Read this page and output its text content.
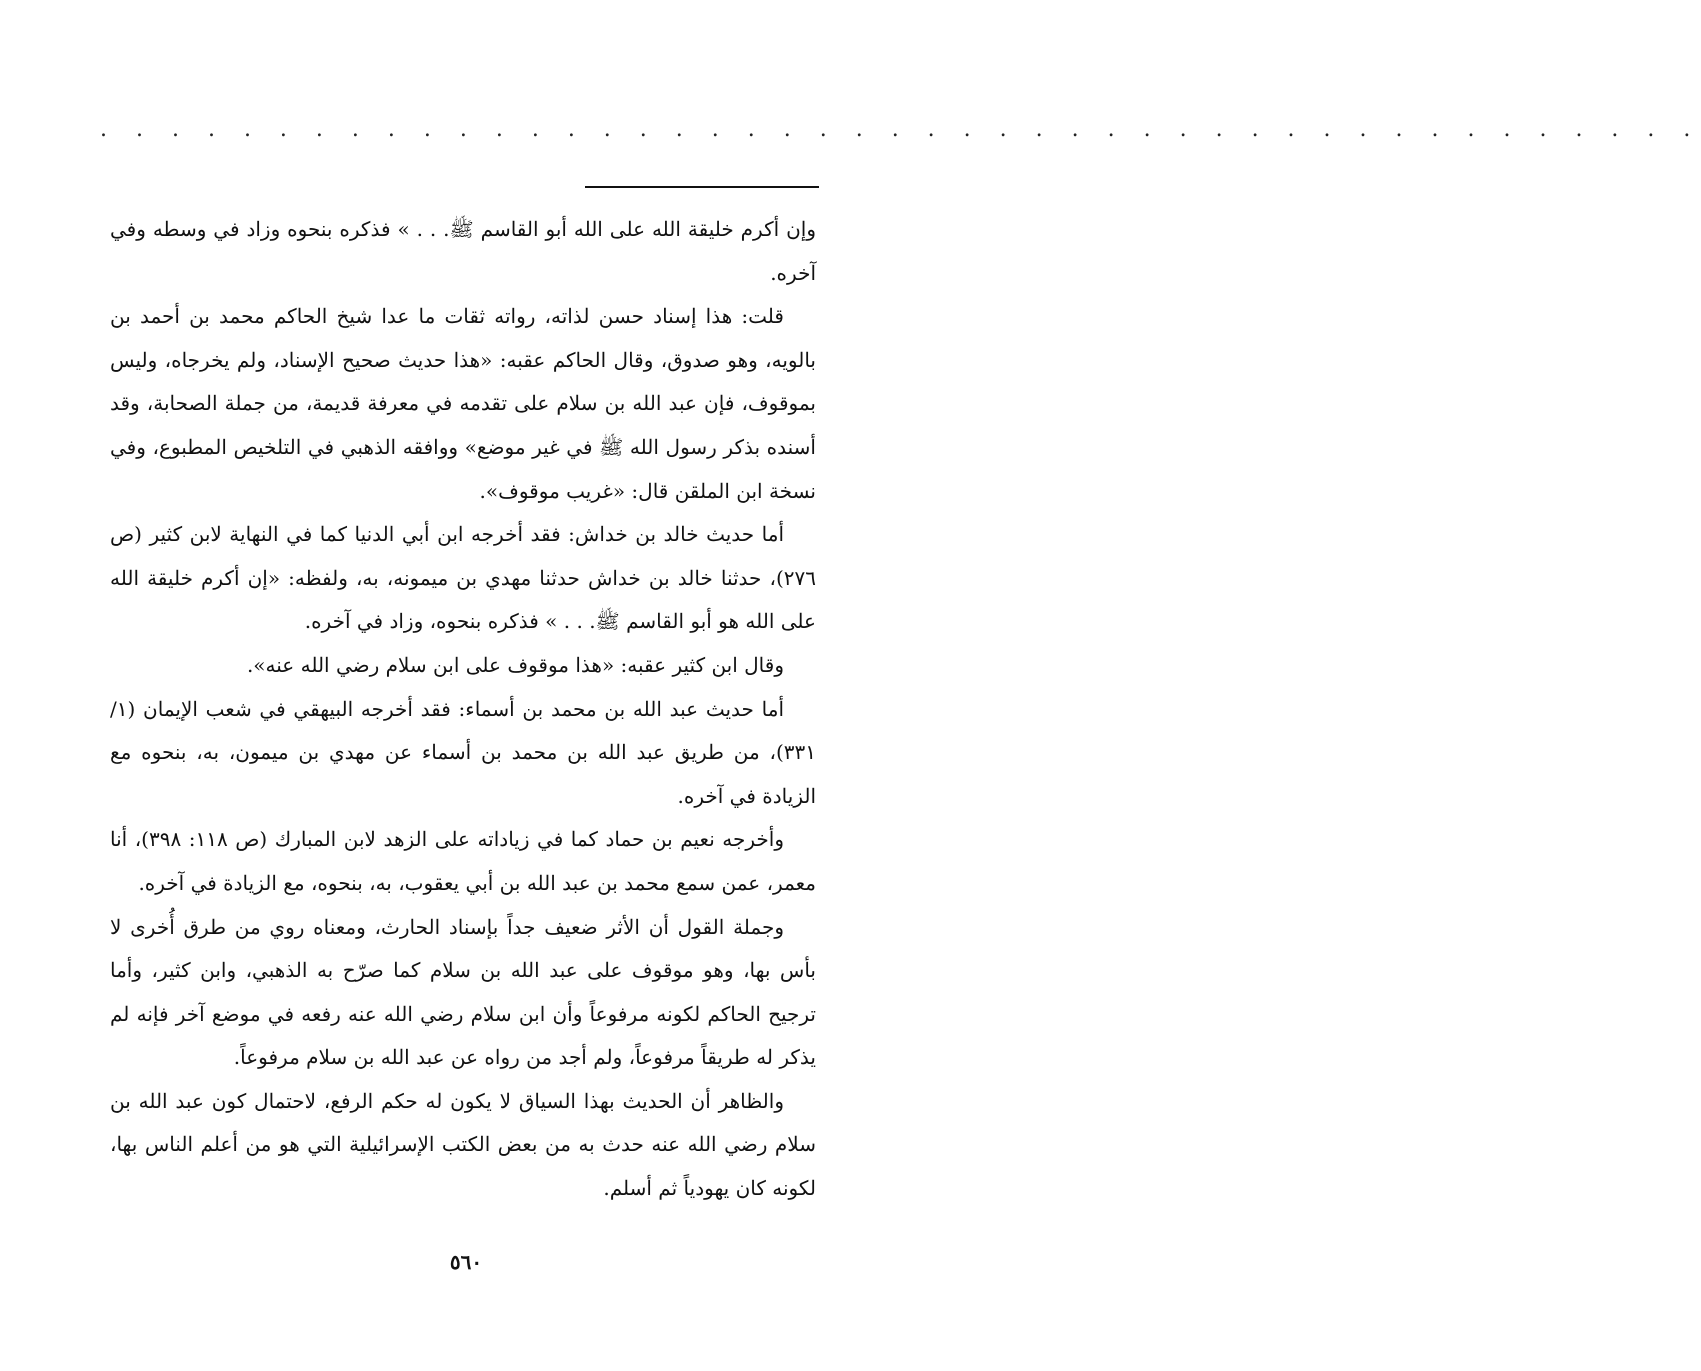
. . . . . . . . . . . . . . . . . . . . . . . . . . . . . . . . . . . . . . . . . . . . .

وإن أكرم خليقة الله على الله أبو القاسم ﷺ. . . » فذكره بنحوه وزاد في وسطه وفي آخره.

قلت: هذا إسناد حسن لذاته، رواته ثقات ما عدا شيخ الحاكم محمد بن أحمد بن بالويه، وهو صدوق، وقال الحاكم عقبه: «هذا حديث صحيح الإسناد، ولم يخرجاه، وليس بموقوف، فإن عبد الله بن سلام على تقدمه في معرفة قديمة، من جملة الصحابة، وقد أسنده بذكر رسول الله ﷺ في غير موضع» ووافقه الذهبي في التلخيص المطبوع، وفي نسخة ابن الملقن قال: «غريب موقوف».

أما حديث خالد بن خداش: فقد أخرجه ابن أبي الدنيا كما في النهاية لابن كثير (ص ٢٧٦)، حدثنا خالد بن خداش حدثنا مهدي بن ميمونه، به، ولفظه: «إن أكرم خليقة الله على الله هو أبو القاسم ﷺ. . . » فذكره بنحوه، وزاد في آخره.

وقال ابن كثير عقبه: «هذا موقوف على ابن سلام رضي الله عنه».

أما حديث عبد الله بن محمد بن أسماء: فقد أخرجه البيهقي في شعب الإيمان (١/ ٣٣١)، من طريق عبد الله بن محمد بن أسماء عن مهدي بن ميمون، به، بنحوه مع الزيادة في آخره.

وأخرجه نعيم بن حماد كما في زياداته على الزهد لابن المبارك (ص ١١٨: ٣٩٨)، أنا معمر، عمن سمع محمد بن عبد الله بن أبي يعقوب، به، بنحوه، مع الزيادة في آخره.

وجملة القول أن الأثر ضعيف جداً بإسناد الحارث، ومعناه روي من طرق أُخرى لا بأس بها، وهو موقوف على عبد الله بن سلام كما صرّح به الذهبي، وابن كثير، وأما ترجيح الحاكم لكونه مرفوعاً وأن ابن سلام رضي الله عنه رفعه في موضع آخر فإنه لم يذكر له طريقاً مرفوعاً، ولم أجد من رواه عن عبد الله بن سلام مرفوعاً.

والظاهر أن الحديث بهذا السياق لا يكون له حكم الرفع، لاحتمال كون عبد الله بن سلام رضي الله عنه حدث به من بعض الكتب الإسرائيلية التي هو من أعلم الناس بها، لكونه كان يهودياً ثم أسلم.

٥٦٠
